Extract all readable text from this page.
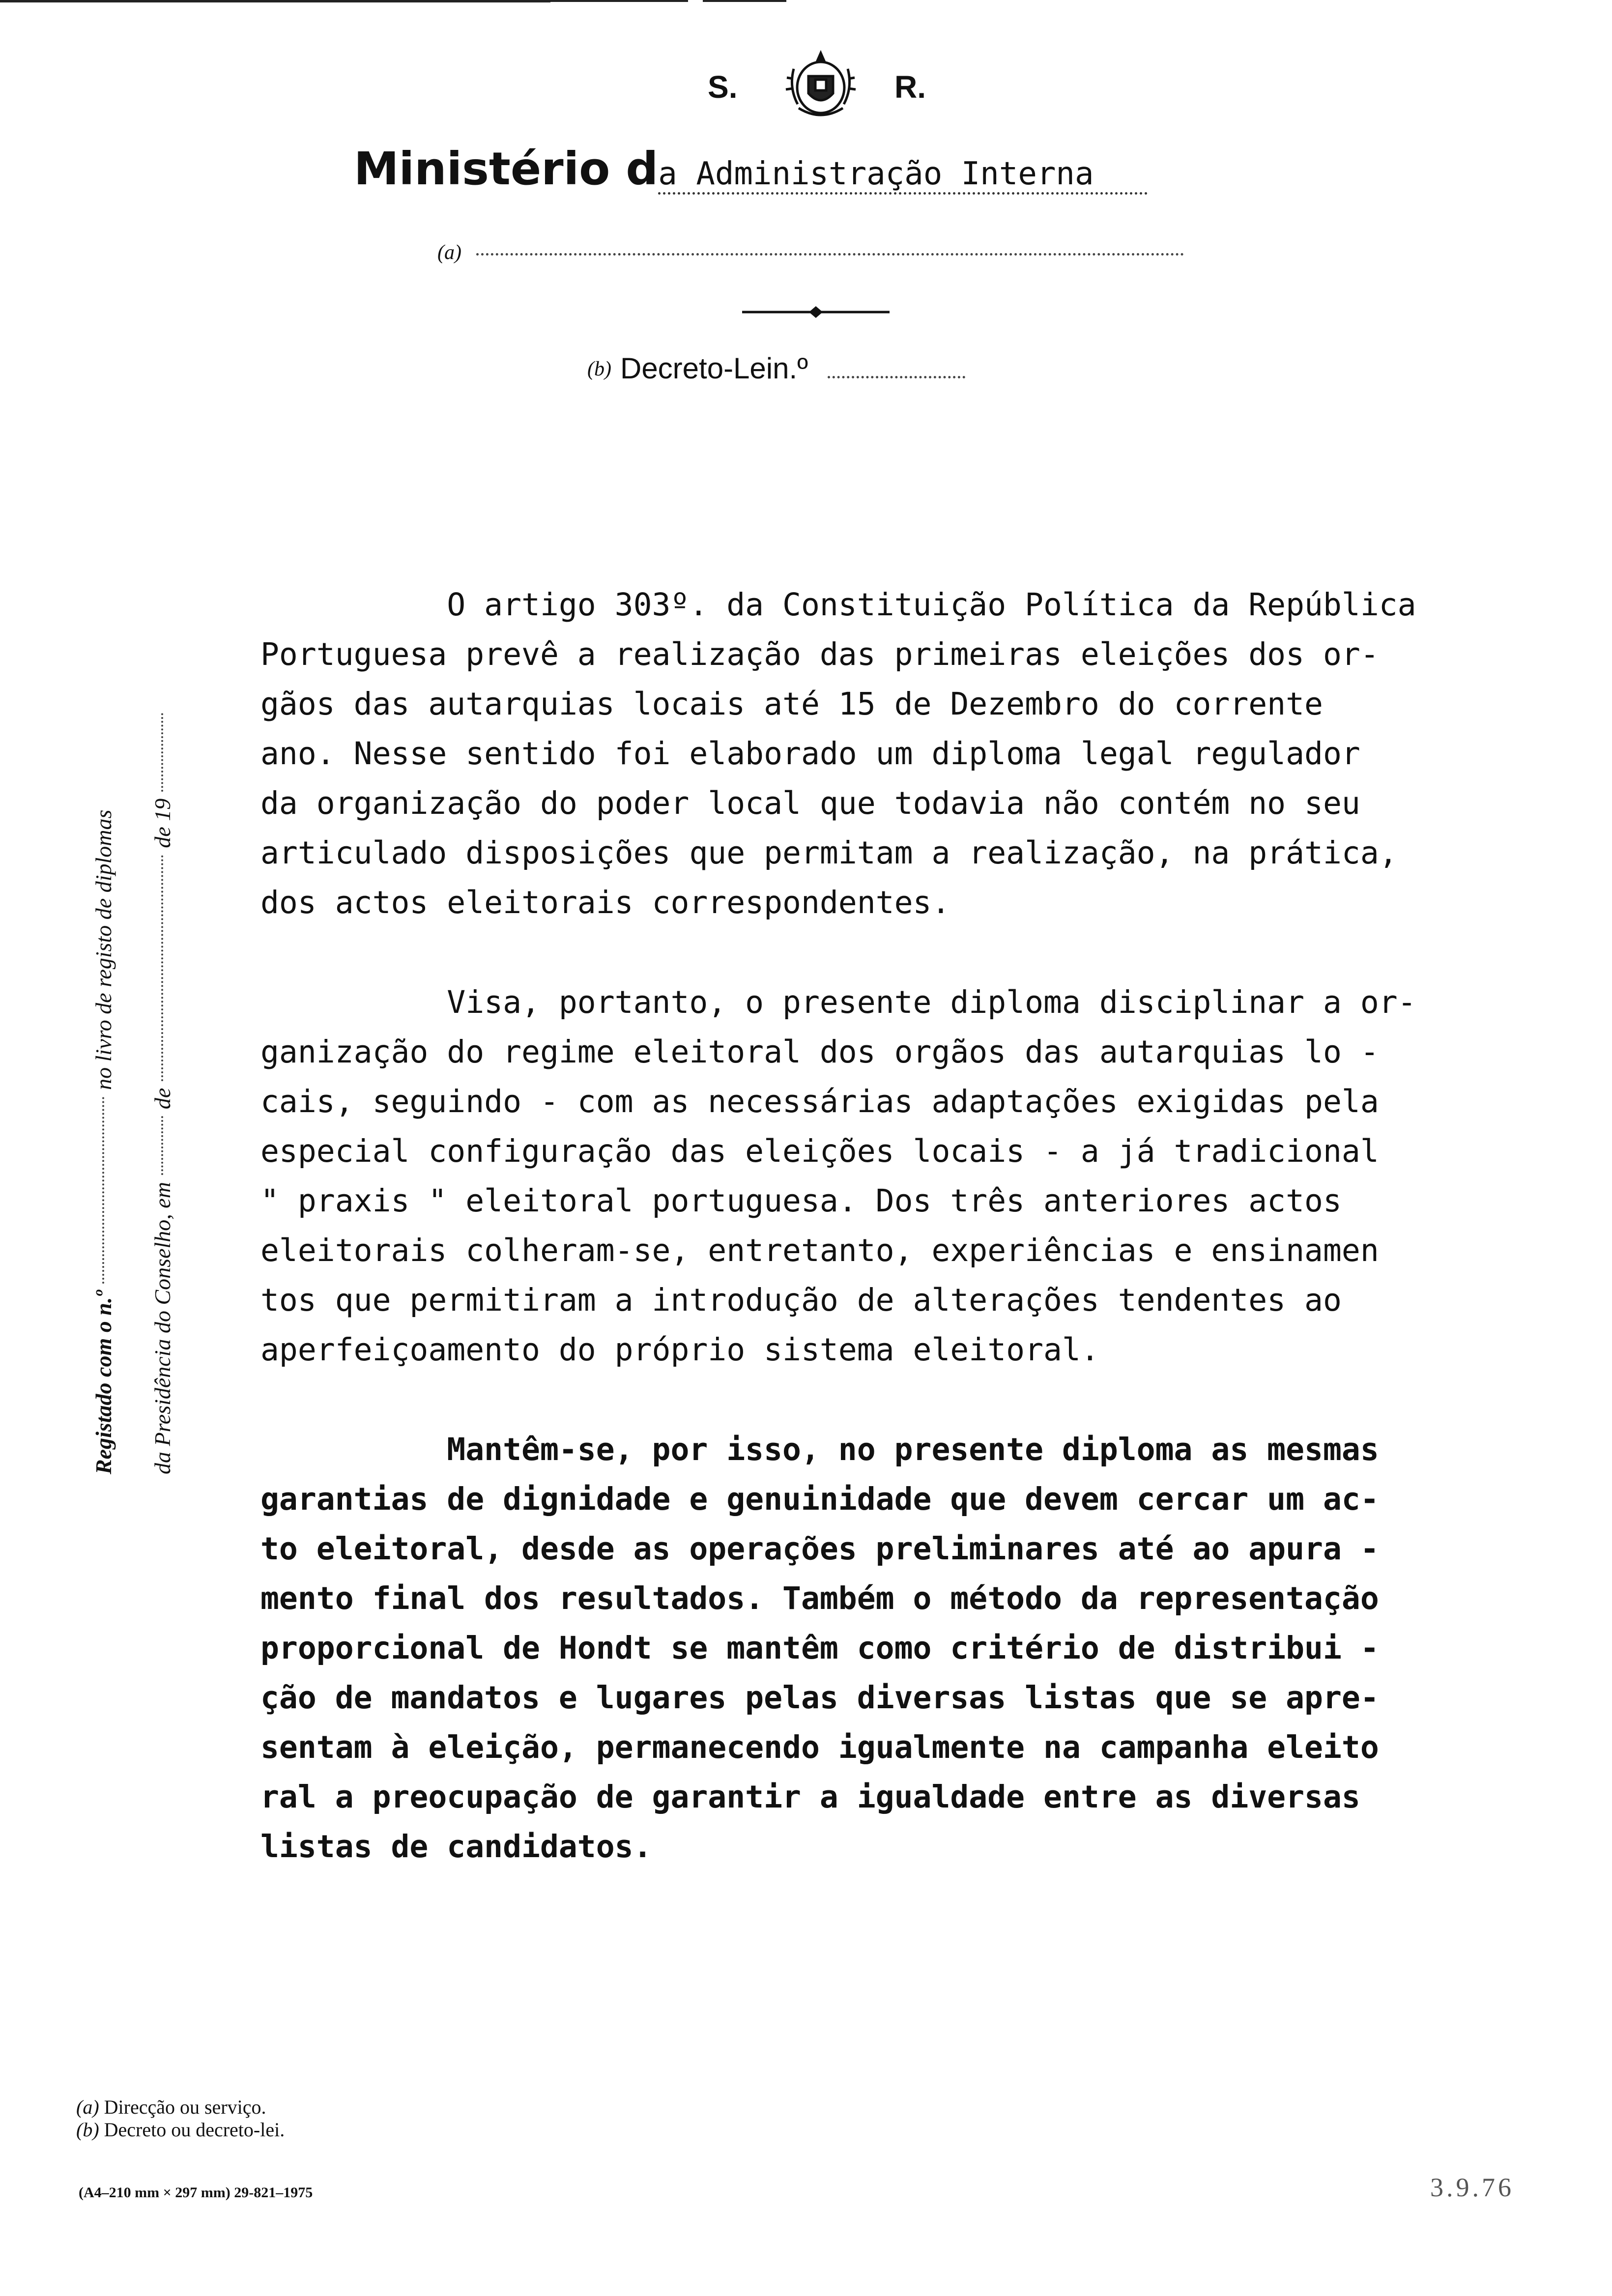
S.	R.
Ministério da Administração Interna
(a)
(b) Decreto-Lein.º
Registado com o n.º
no livro de registo de diplomas
da Presidência do Conselho, em
de
de 19

O artigo 303º. da Constituição Política da República
Portuguesa prevê a realização das primeiras eleições dos or-
gãos das autarquias locais até 15 de Dezembro do corrente
ano. Nesse sentido foi elaborado um diploma legal regulador
da organização do poder local que todavia não contém no seu
articulado disposições que permitam a realização, na prática,
dos actos eleitorais correspondentes.

Visa, portanto, o presente diploma disciplinar a or-
ganização do regime eleitoral dos orgãos das autarquias lo -
cais, seguindo - com as necessárias adaptações exigidas pela
especial configuração das eleições locais - a já tradicional
" praxis " eleitoral portuguesa. Dos três anteriores actos
eleitorais colheram-se, entretanto, experiências e ensinamen
tos que permitiram a introdução de alterações tendentes ao
aperfeiçoamento do próprio sistema eleitoral.

Mantêm-se, por isso, no presente diploma as mesmas
garantias de dignidade e genuinidade que devem cercar um ac-
to eleitoral, desde as operações preliminares até ao apura -
mento final dos resultados. Também o método da representação
proporcional de Hondt se mantêm como critério de distribui -
ção de mandatos e lugares pelas diversas listas que se apre-
sentam à eleição, permanecendo igualmente na campanha eleito
ral a preocupação de garantir a igualdade entre as diversas
listas de candidatos.

(a) Direcção ou serviço.
(b) Decreto ou decreto-lei.
(A4–210 mm × 297 mm) 29-821–1975	3.9.76
